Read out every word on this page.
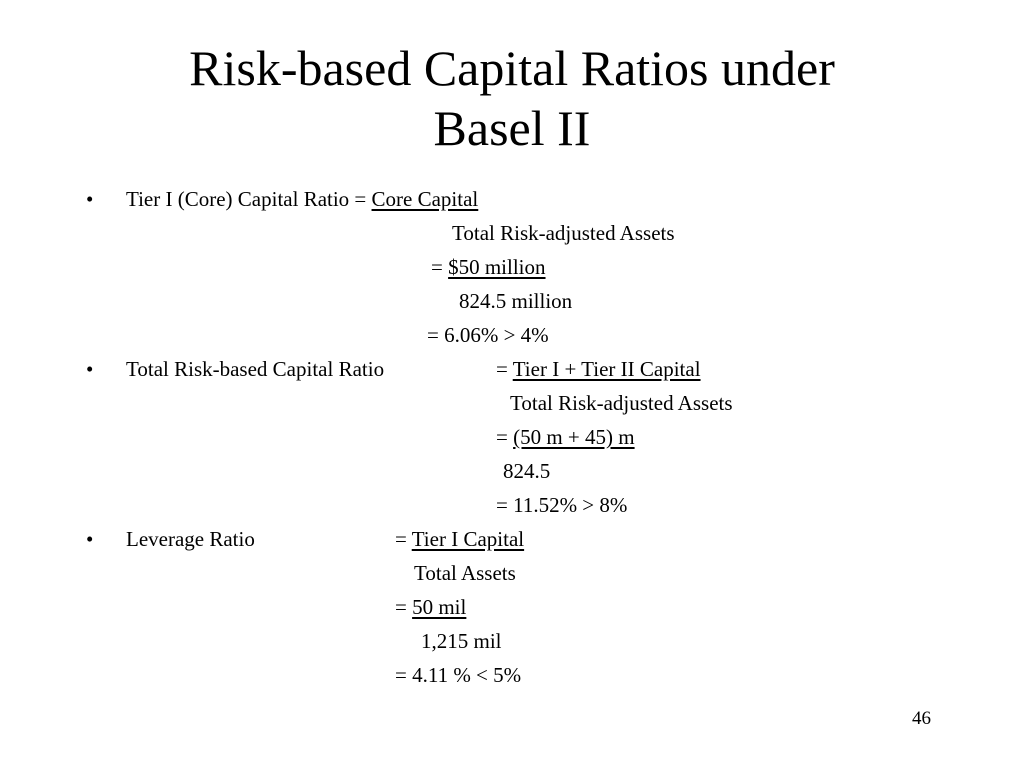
Risk-based Capital Ratios under
Basel II
• Tier I (Core) Capital Ratio = Core Capital
Total Risk-adjusted Assets
= $50 million
824.5 million
= 6.06% > 4%
• Total Risk-based Capital Ratio	= Tier I + Tier II Capital
Total Risk-adjusted Assets
= (50 m + 45) m
824.5
= 11.52% > 8%
• Leverage Ratio	= Tier I Capital
Total Assets
= 50 mil
1,215 mil
= 4.11 % < 5%
46
